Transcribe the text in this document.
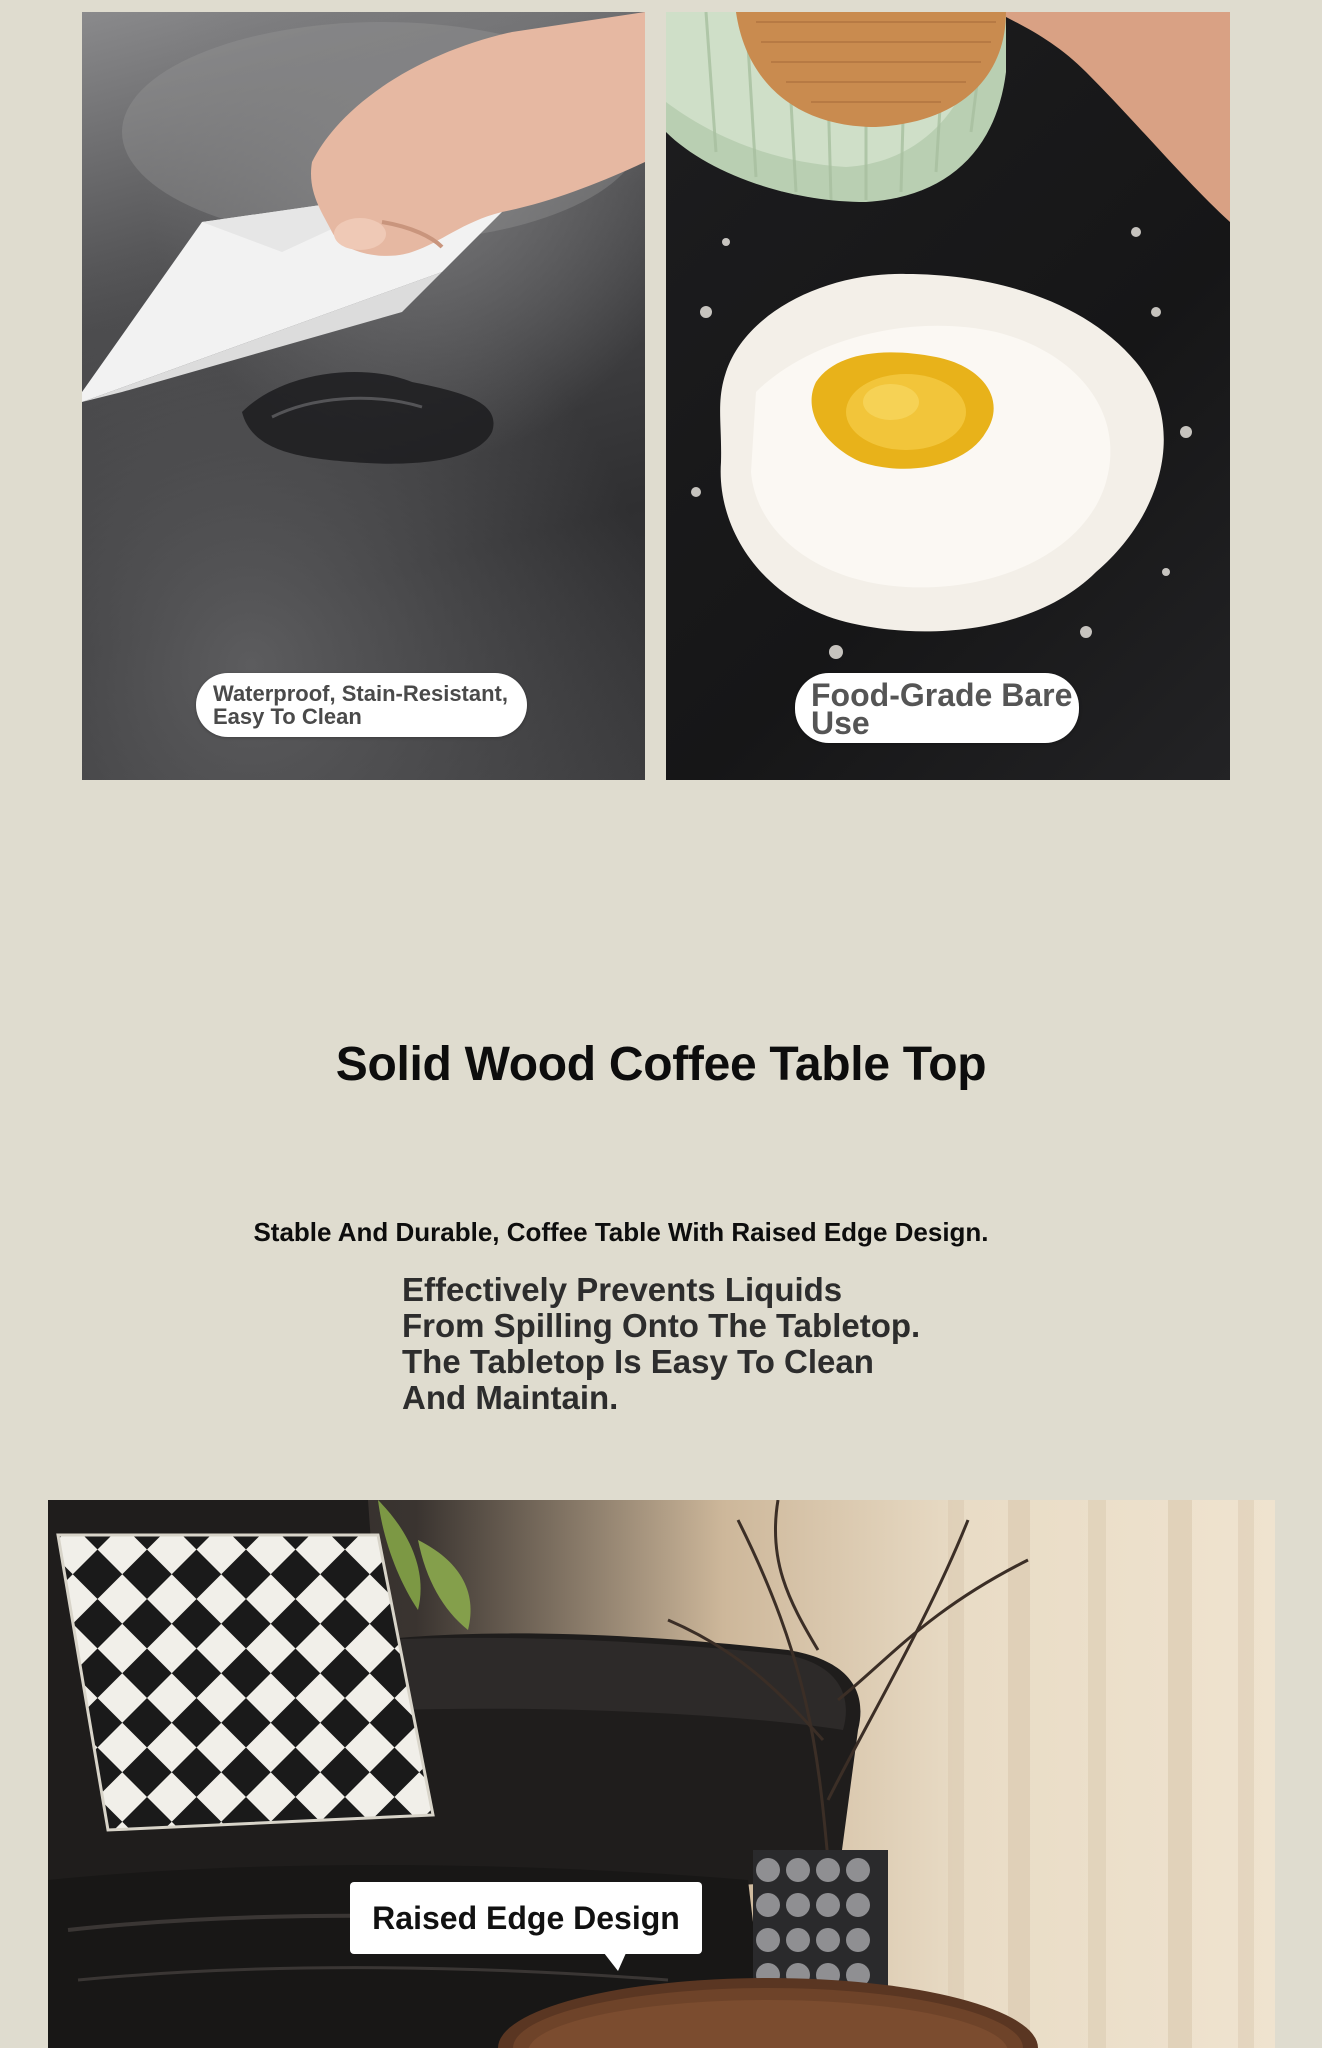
Waterproof, Stain-Resistant,
Easy To Clean
Food-Grade Bare
Use
Solid Wood Coffee Table Top
Stable And Durable, Coffee Table With Raised Edge Design.
Effectively Prevents Liquids
From Spilling Onto The Tabletop.
The Tabletop Is Easy To Clean
And Maintain.
Raised Edge Design
